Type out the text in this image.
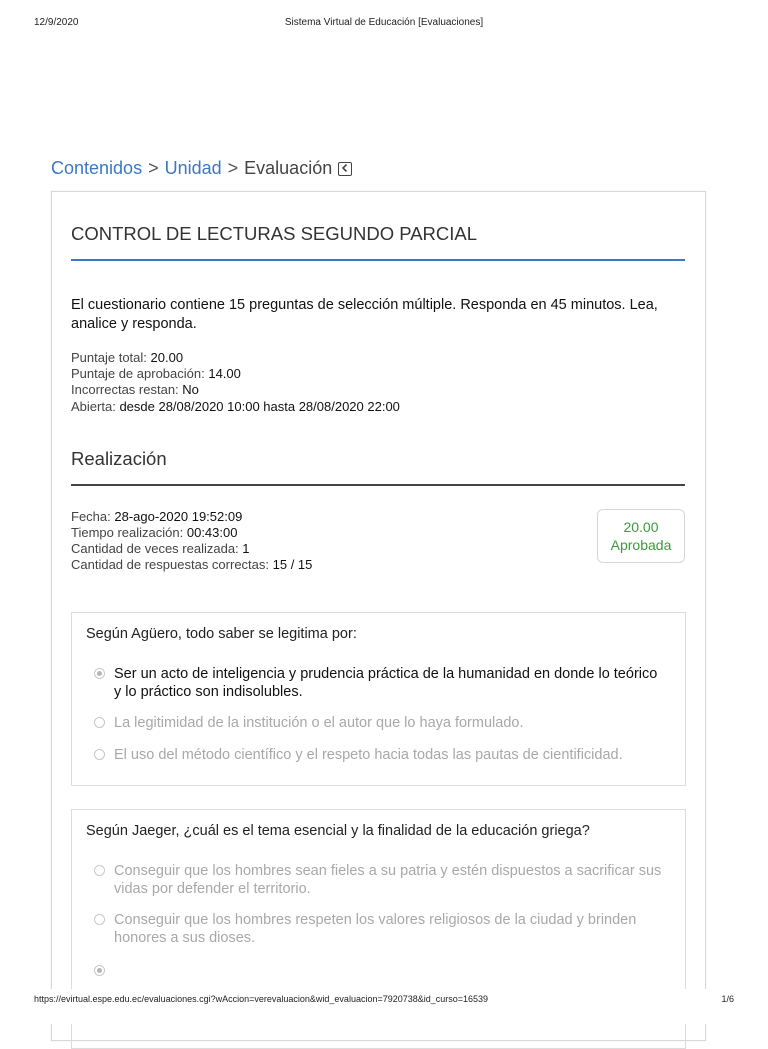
12/9/2020	Sistema Virtual de Educación [Evaluaciones]
Contenidos > Unidad > Evaluación
CONTROL DE LECTURAS SEGUNDO PARCIAL
El cuestionario contiene 15 preguntas de selección múltiple. Responda en 45 minutos. Lea, analice y responda.
Puntaje total: 20.00
Puntaje de aprobación: 14.00
Incorrectas restan: No
Abierta: desde 28/08/2020 10:00 hasta 28/08/2020 22:00
Realización
Fecha: 28-ago-2020 19:52:09
Tiempo realización: 00:43:00
Cantidad de veces realizada: 1
Cantidad de respuestas correctas: 15 / 15
20.00
Aprobada
Según Agüero, todo saber se legitima por:
Ser un acto de inteligencia y prudencia práctica de la humanidad en donde lo teórico y lo práctico son indisolubles.
La legitimidad de la institución o el autor que lo haya formulado.
El uso del método científico y el respeto hacia todas las pautas de cientificidad.
Según Jaeger, ¿cuál es el tema esencial y la finalidad de la educación griega?
Conseguir que los hombres sean fieles a su patria y estén dispuestos a sacrificar sus vidas por defender el territorio.
Conseguir que los hombres respeten los valores religiosos de la ciudad y brinden honores a sus dioses.
https://evirtual.espe.edu.ec/evaluaciones.cgi?wAccion=verevaluacion&wid_evaluacion=7920738&id_curso=16539	1/6
